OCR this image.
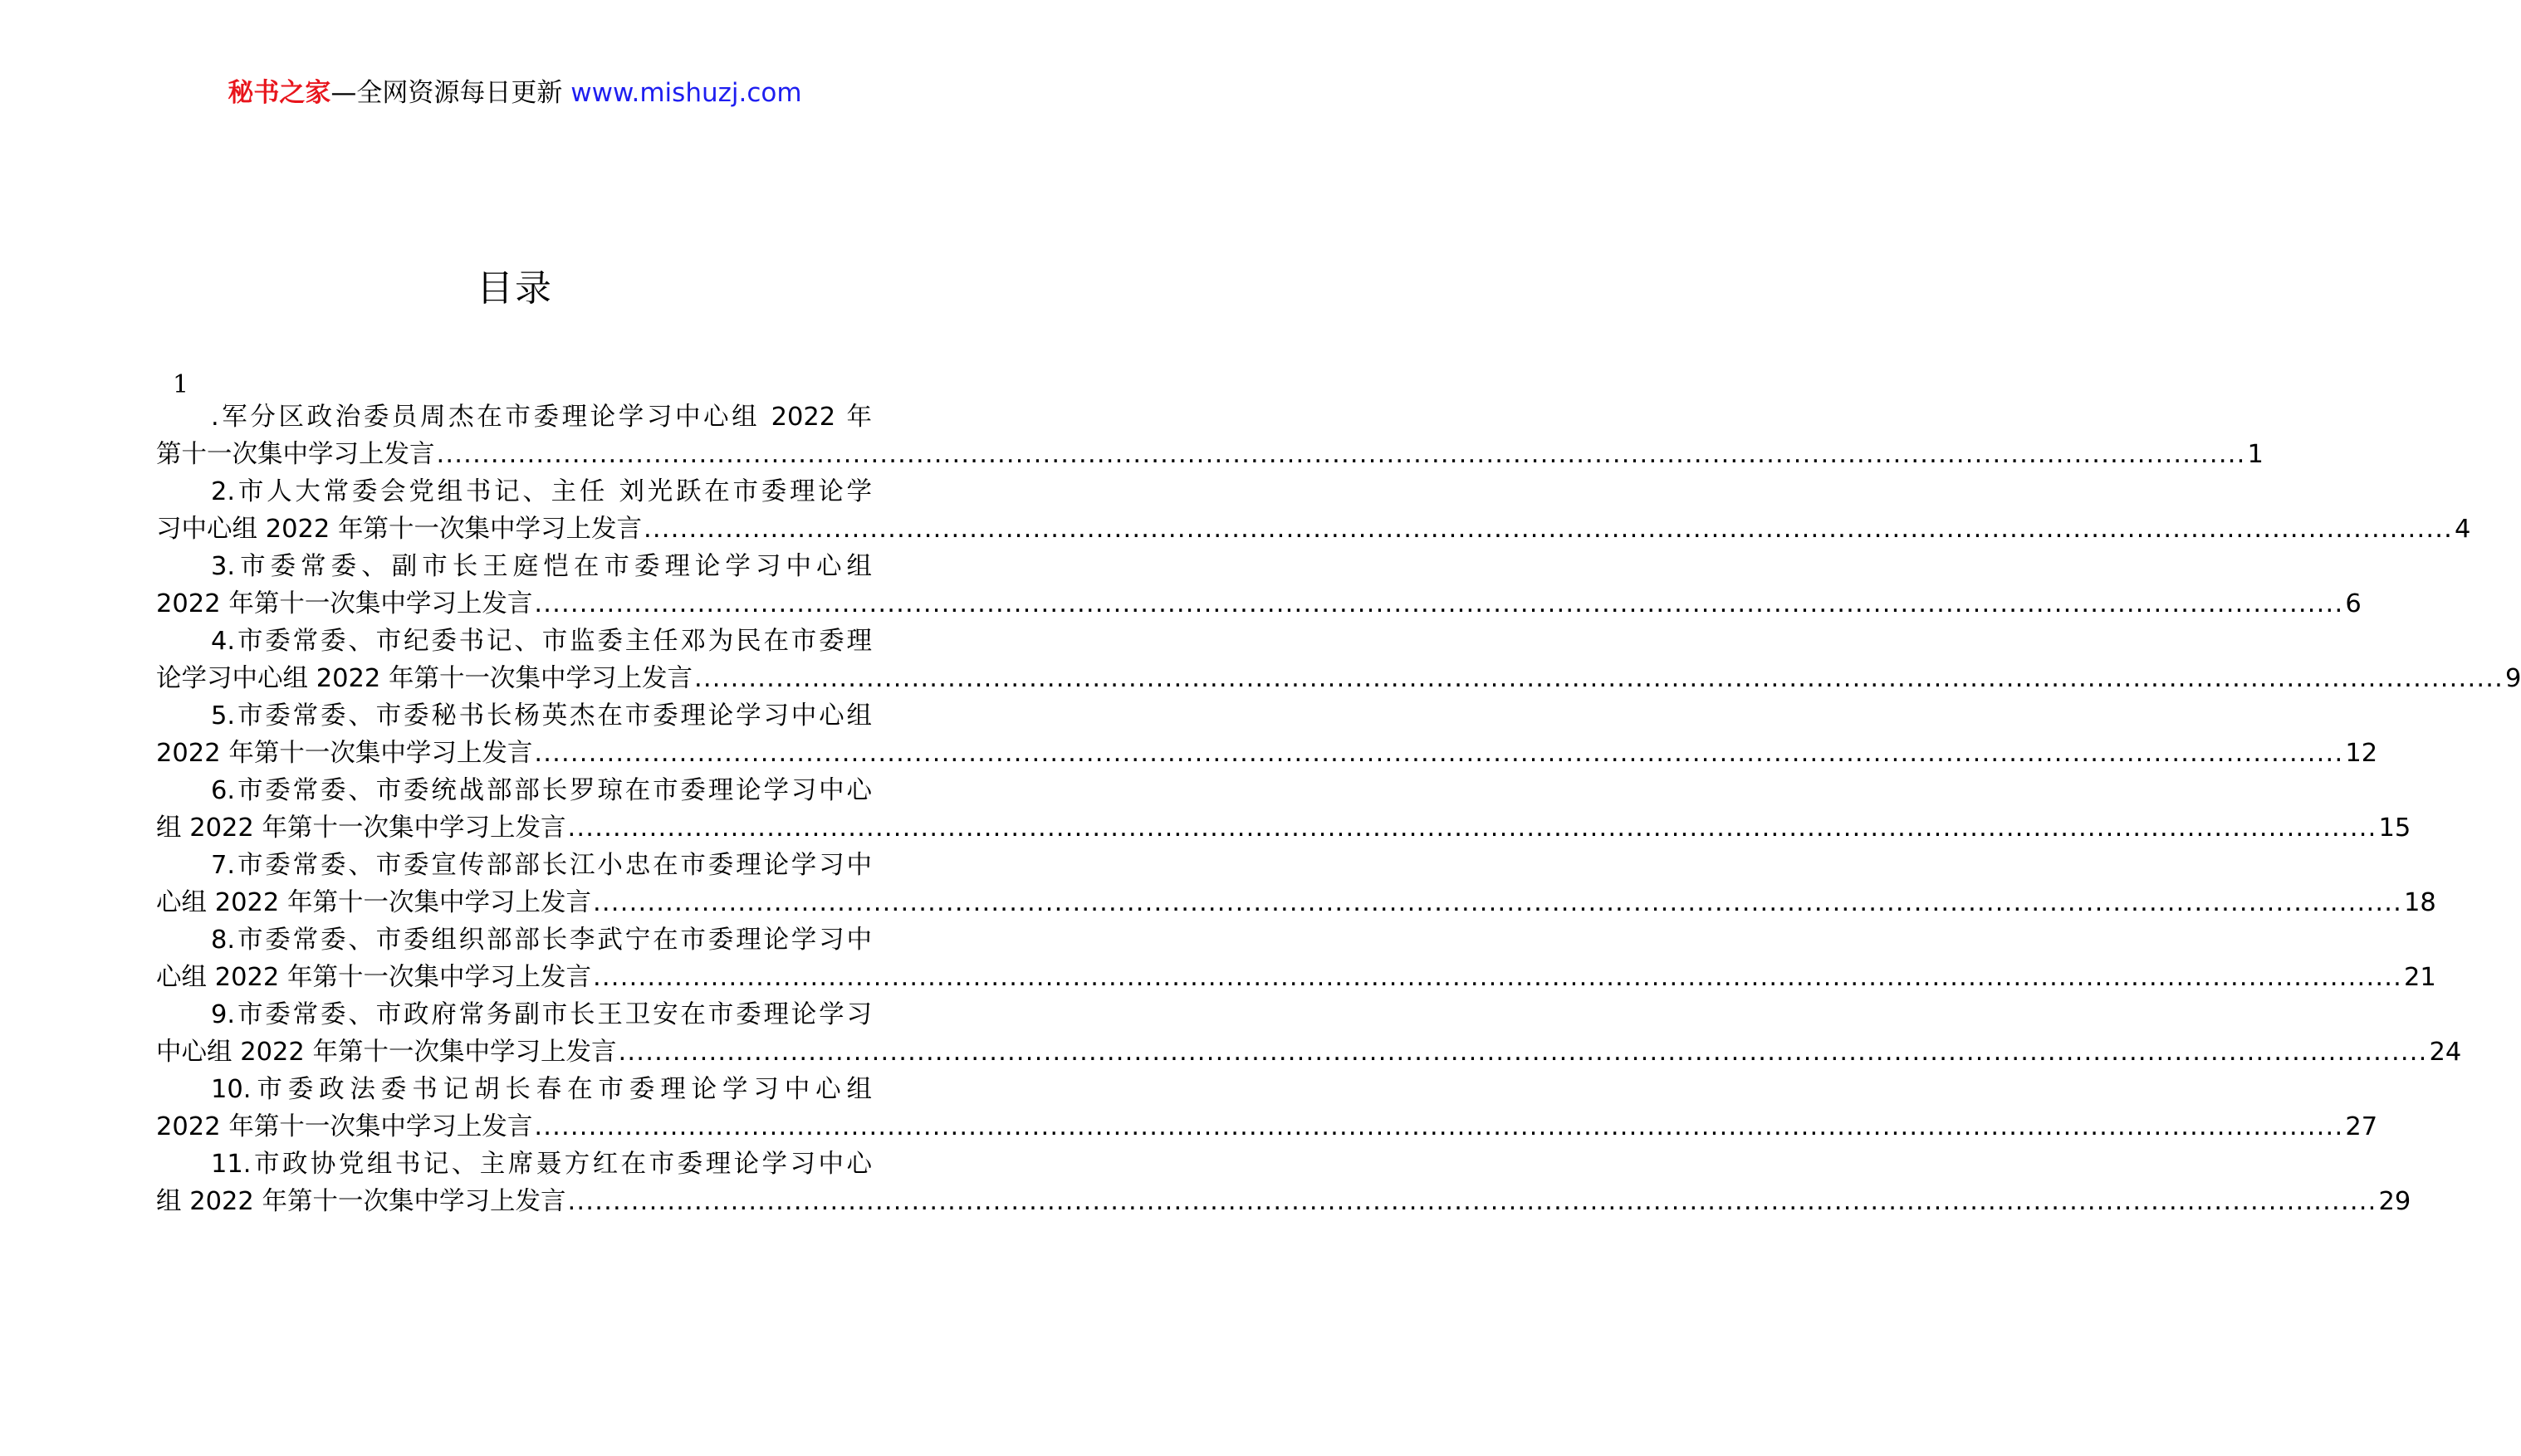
秘书之家—全网资源每日更新 www.mishuzj.com
目录
1
.军分区政治委员周杰在市委理论学习中心组 2022 年
第十一次集中学习上发言 ........................................................................................................................................................................................................ 1
2.市人大常委会党组书记、主任 刘光跃在市委理论学
习中心组 2022 年第十一次集中学习上发言 ........................................................................................................................................................................................................ 4
3.市委常委、副市长王庭恺在市委理论学习中心组
2022 年第十一次集中学习上发言 ........................................................................................................................................................................................................ 6
4.市委常委、市纪委书记、市监委主任邓为民在市委理
论学习中心组 2022 年第十一次集中学习上发言 ........................................................................................................................................................................................................ 9
5.市委常委、市委秘书长杨英杰在市委理论学习中心组
2022 年第十一次集中学习上发言 ........................................................................................................................................................................................................ 12
6.市委常委、市委统战部部长罗琼在市委理论学习中心
组 2022 年第十一次集中学习上发言 ........................................................................................................................................................................................................ 15
7.市委常委、市委宣传部部长江小忠在市委理论学习中
心组 2022 年第十一次集中学习上发言 ........................................................................................................................................................................................................ 18
8.市委常委、市委组织部部长李武宁在市委理论学习中
心组 2022 年第十一次集中学习上发言 ........................................................................................................................................................................................................ 21
9.市委常委、市政府常务副市长王卫安在市委理论学习
中心组 2022 年第十一次集中学习上发言 ........................................................................................................................................................................................................ 24
10.市委政法委书记胡长春在市委理论学习中心组
2022 年第十一次集中学习上发言 ........................................................................................................................................................................................................ 27
11.市政协党组书记、主席聂方红在市委理论学习中心
组 2022 年第十一次集中学习上发言 ........................................................................................................................................................................................................ 29
